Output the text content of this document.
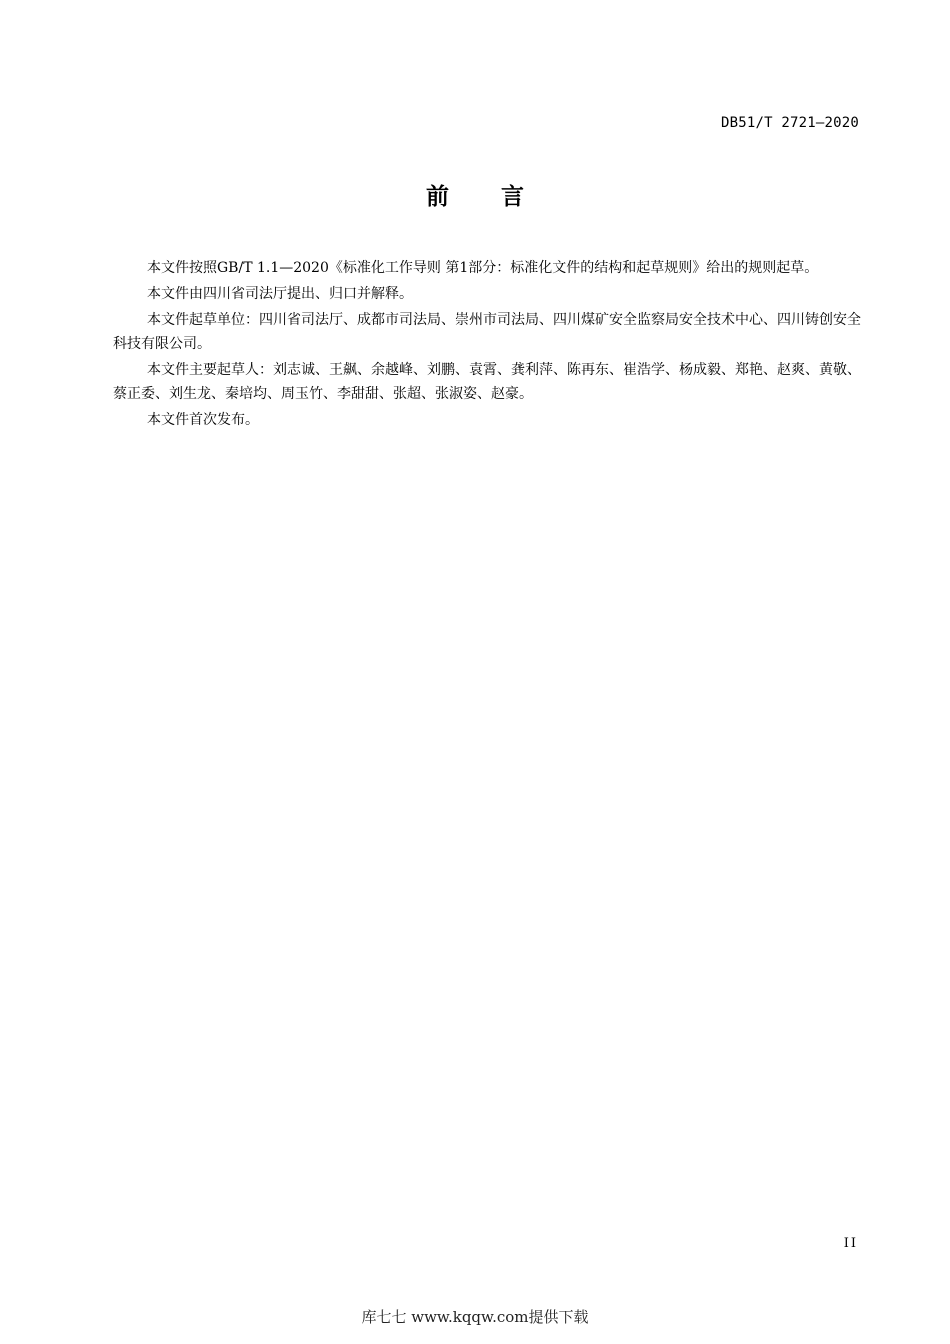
DB51/T 2721—2020
前 言

本文件按照GB/T 1.1—2020《标准化工作导则 第1部分：标准化文件的结构和起草规则》给出的规则起草。

本文件由四川省司法厅提出、归口并解释。

本文件起草单位：四川省司法厅、成都市司法局、崇州市司法局、四川煤矿安全监察局安全技术中心、四川铸创安全科技有限公司。

本文件主要起草人：刘志诚、王飙、余越峰、刘鹏、袁霄、龚利萍、陈再东、崔浩学、杨成毅、郑艳、赵爽、黄敬、蔡正委、刘生龙、秦培均、周玉竹、李甜甜、张超、张淑姿、赵豪。

本文件首次发布。

II
库七七 www.kqqw.com提供下载
